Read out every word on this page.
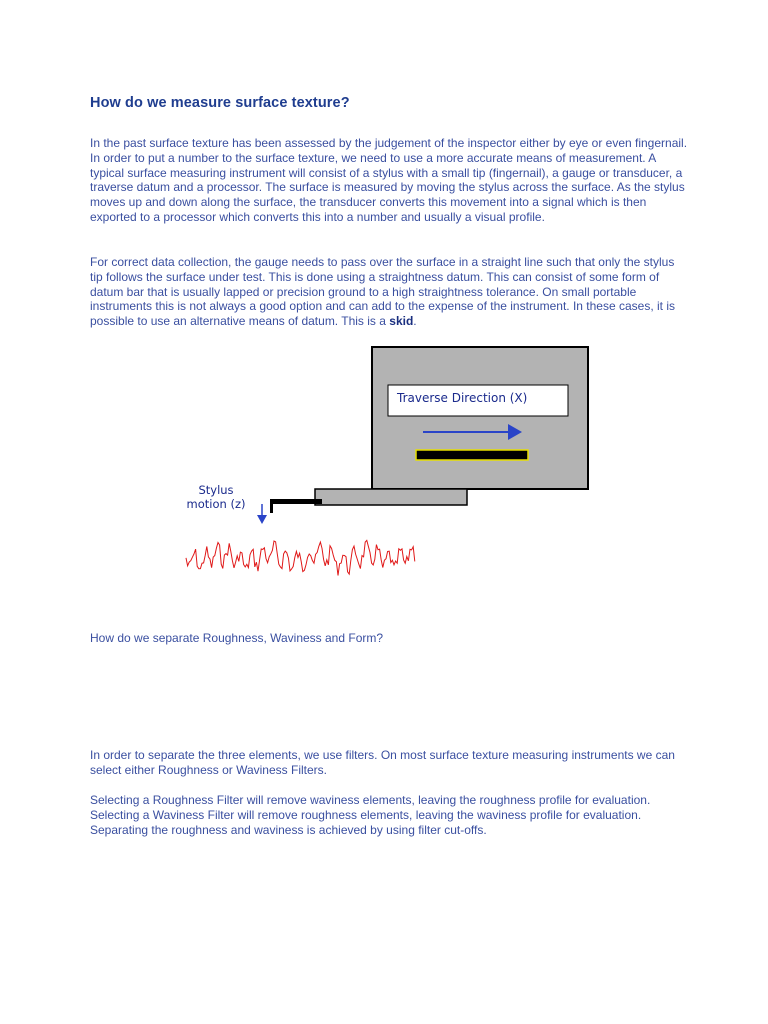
How do we measure surface texture?
In the past surface texture has been assessed by the judgement of the inspector either by eye or even fingernail. In order to put a number to the surface texture, we need to use a more accurate means of measurement. A typical surface measuring instrument will consist of a stylus with a small tip (fingernail), a gauge or transducer, a traverse datum and a processor. The surface is measured by moving the stylus across the surface. As the stylus moves up and down along the surface, the transducer converts this movement into a signal which is then exported to a processor which converts this into a number and usually a visual profile.
For correct data collection, the gauge needs to pass over the surface in a straight line such that only the stylus tip follows the surface under test. This is done using a straightness datum. This can consist of some form of datum bar that is usually lapped or precision ground to a high straightness tolerance. On small portable instruments this is not always a good option and can add to the expense of the instrument. In these cases, it is possible to use an alternative means of datum. This is a skid.
Traverse Direction (X)
Stylus
motion (z)
How do we separate Roughness, Waviness and Form?
In order to separate the three elements, we use filters. On most surface texture measuring instruments we can select either Roughness or Waviness Filters.
Selecting a Roughness Filter will remove waviness elements, leaving the roughness profile for evaluation.
Selecting a Waviness Filter will remove roughness elements, leaving the waviness profile for evaluation.
Separating the roughness and waviness is achieved by using filter cut-offs.
